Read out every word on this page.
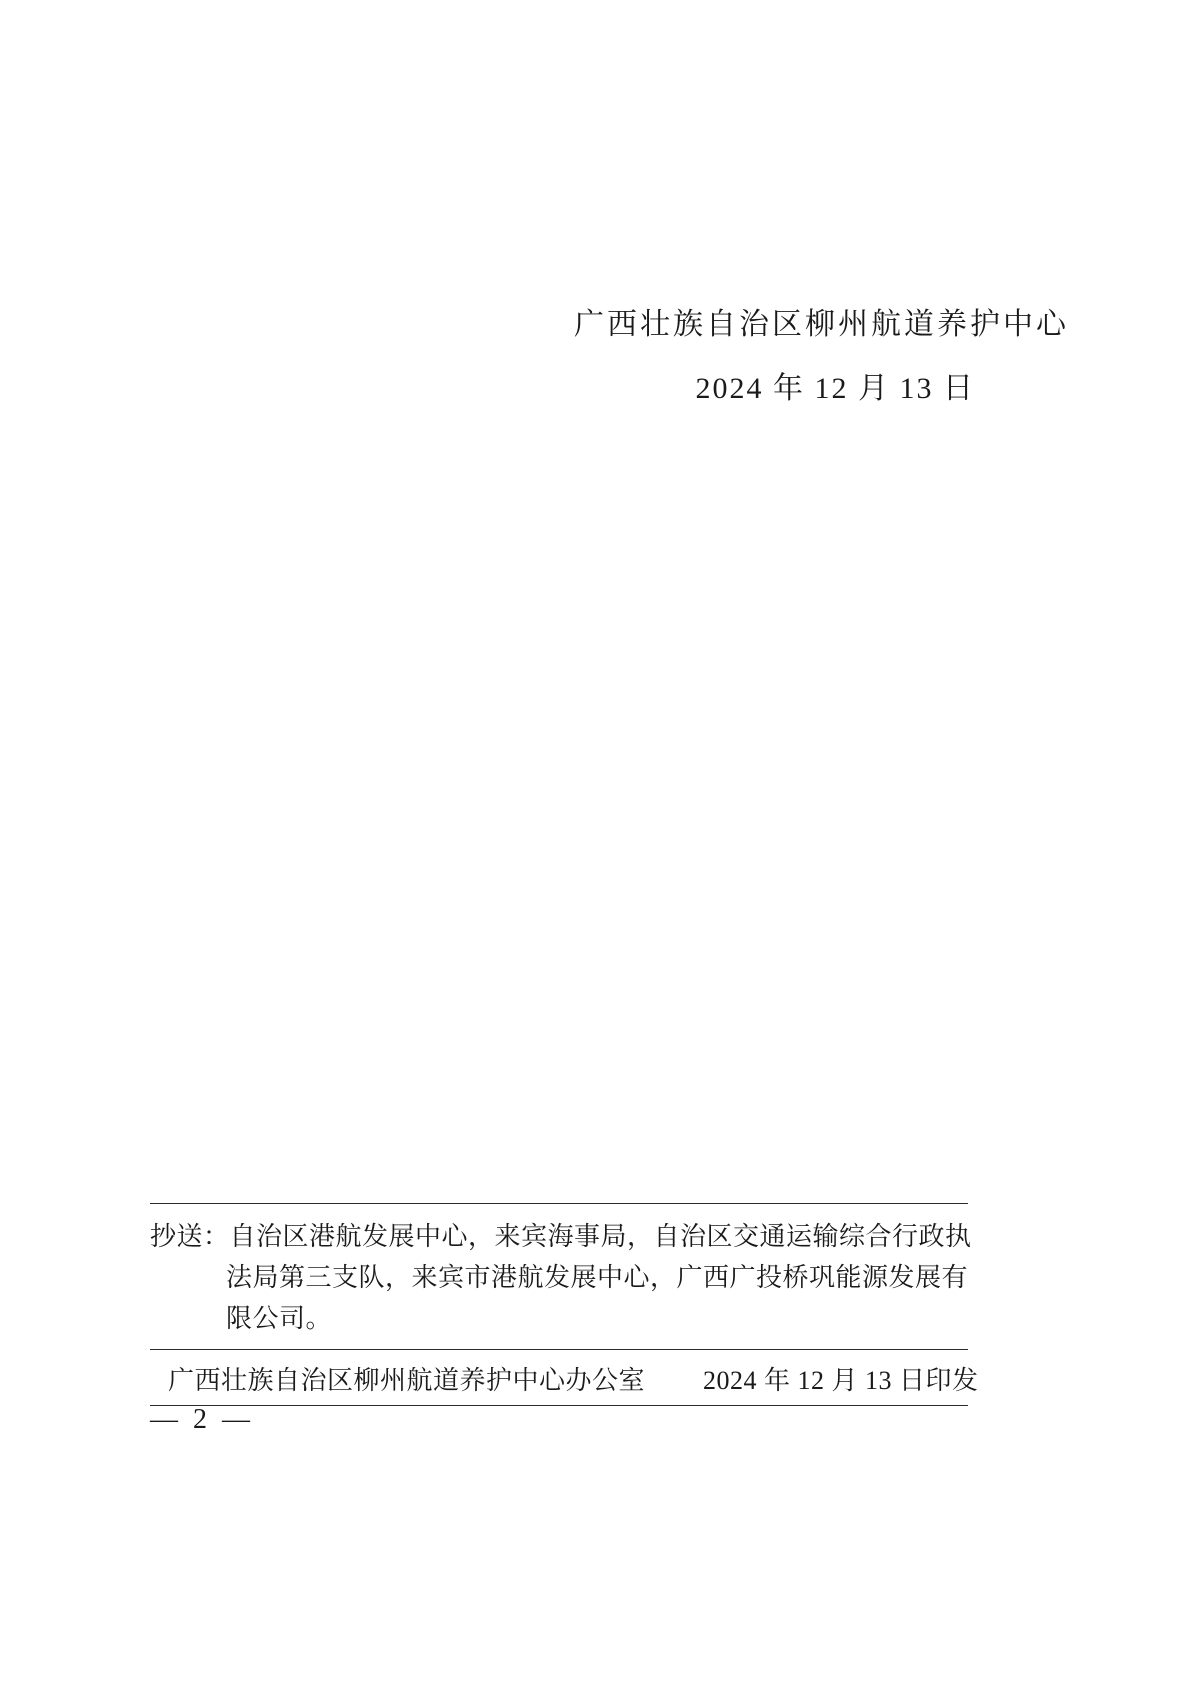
广西壮族自治区柳州航道养护中心
2024 年 12 月 13 日
抄送：自治区港航发展中心，来宾海事局，自治区交通运输综合行政执
法局第三支队，来宾市港航发展中心，广西广投桥巩能源发展有
限公司。
广西壮族自治区柳州航道养护中心办公室 2024 年 12 月 13 日印发
— 2 —
